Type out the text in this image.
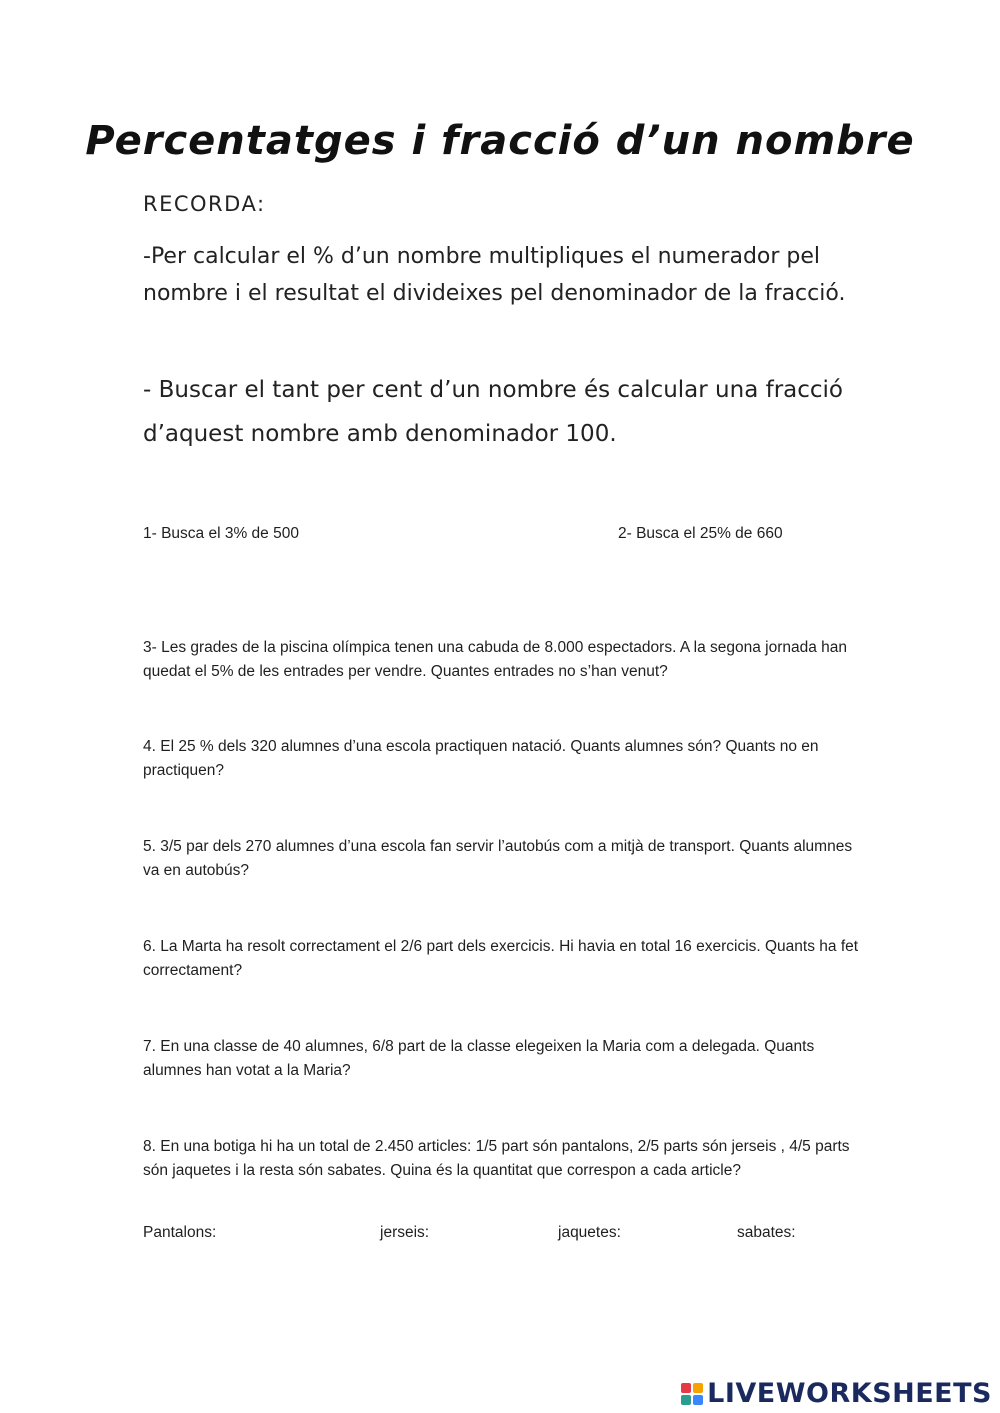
Percentatges i fracció d’un nombre
RECORDA:
-Per calcular el % d’un nombre multipliques el numerador pel nombre i el resultat el divideixes pel denominador de la fracció.
- Buscar el tant per cent d’un nombre és calcular una fracció d’aquest nombre amb denominador 100.
1- Busca el 3% de 500	2- Busca el 25% de 660
3- Les grades de la piscina olímpica tenen una cabuda de 8.000 espectadors. A la segona jornada han quedat el 5% de les entrades per vendre. Quantes entrades no s’han venut?
4. El 25 % dels 320 alumnes d’una escola practiquen natació. Quants alumnes són? Quants no en practiquen?
5. 3/5 par dels 270 alumnes d’una escola fan servir l’autobús com a mitjà de transport. Quants alumnes va en autobús?
6. La Marta ha resolt correctament el 2/6 part dels exercicis. Hi havia en total 16 exercicis. Quants ha fet correctament?
7. En una classe de 40 alumnes, 6/8 part de la classe elegeixen la Maria com a delegada. Quants alumnes han votat a la Maria?
8. En una botiga hi ha un total de 2.450 articles: 1/5 part són pantalons, 2/5 parts són jerseis , 4/5 parts són jaquetes i la resta són sabates. Quina és la quantitat que correspon a cada article?
Pantalons:	jerseis:	jaquetes:	sabates:
LIVEWORKSHEETS
